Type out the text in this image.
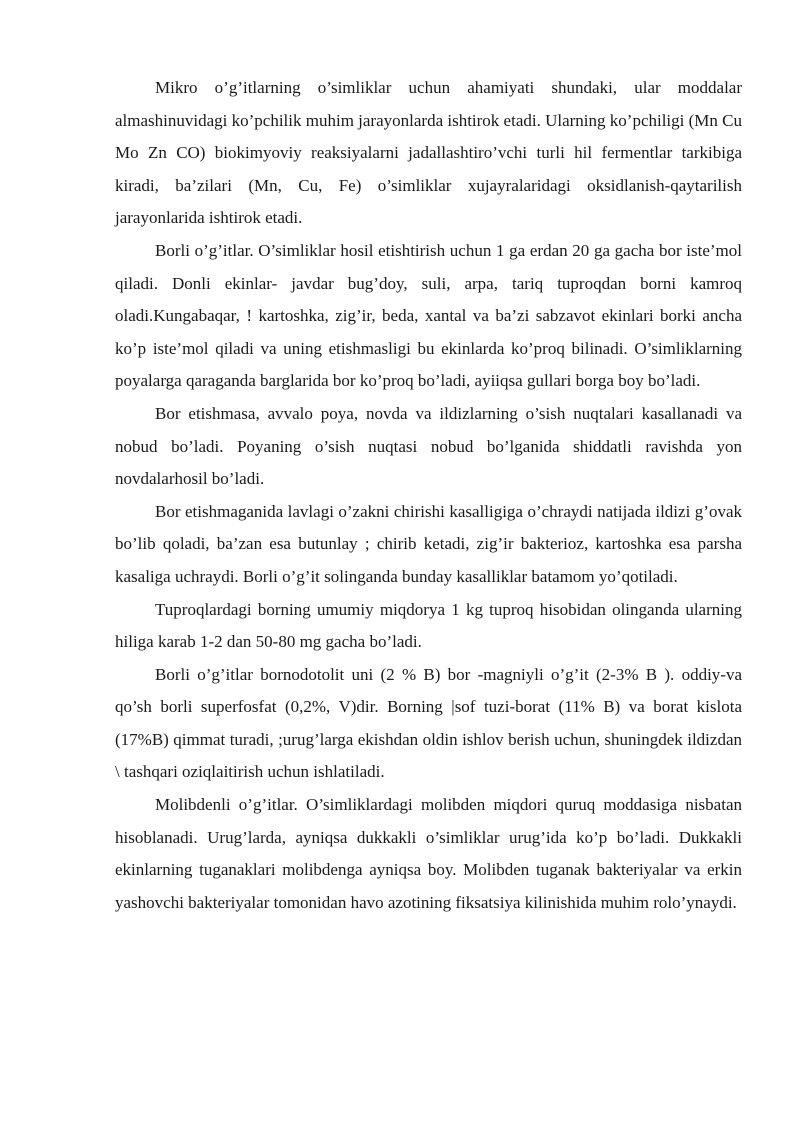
Mikro o’g’itlarning o’simliklar uchun ahamiyati shundaki, ular moddalar almashinuvidagi ko’pchilik muhim jarayonlarda ishtirok etadi. Ularning ko’pchiligi (Mn Cu Mo Zn CO) biokimyoviy reaksiyalarni jadallashtiro’vchi turli hil fermentlar tarkibiga kiradi, ba’zilari (Mn, Cu, Fe) o’simliklar xujayralaridagi oksidlanish-qaytarilish jarayonlarida ishtirok etadi.

Borli o’g’itlar. O’simliklar hosil etishtirish uchun 1 ga erdan 20 ga gacha bor iste’mol qiladi. Donli ekinlar- javdar bug’doy, suli, arpa, tariq tuproqdan borni kamroq oladi.Kungabaqar, ! kartoshka, zig’ir, beda, xantal va ba’zi sabzavot ekinlari borki ancha ko’p iste’mol qiladi va uning etishmasligi bu ekinlarda ko’proq bilinadi. O’simliklarning poyalarga qaraganda barglarida bor ko’proq bo’ladi, ayiiqsa gullari borga boy bo’ladi.

Bor etishmasa, avvalo poya, novda va ildizlarning o’sish nuqtalari kasallanadi va nobud bo’ladi. Poyaning o’sish nuqtasi nobud bo’lganida shiddatli ravishda yon novdalarhosil bo’ladi.

Bor etishmaganida lavlagi o’zakni chirishi kasalligiga o’chraydi natijada ildizi g’ovak bo’lib qoladi, ba’zan esa butunlay ; chirib ketadi, zig’ir bakterioz, kartoshka esa parsha kasaliga uchraydi. Borli o’g’it solinganda bunday kasalliklar batamom yo’qotiladi.

Tuproqlardagi borning umumiy miqdorya 1 kg tuproq hisobidan olinganda ularning hiliga karab 1-2 dan 50-80 mg gacha bo’ladi.

Borli o’g’itlar bornodotolit uni (2 % B) bor -magniyli o’g’it (2-3% B ). oddiy-va qo’sh borli superfosfat (0,2%, V)dir. Borning |sof tuzi-borat (11% B) va borat kislota (17%B) qimmat turadi, ;urug’larga ekishdan oldin ishlov berish uchun, shuningdek ildizdan \ tashqari oziqlaitirish uchun ishlatiladi.

Molibdenli o’g’itlar. O’simliklardagi molibden miqdori quruq moddasiga nisbatan hisoblanadi. Urug’larda, ayniqsa dukkakli o’simliklar urug’ida ko’p bo’ladi. Dukkakli ekinlarning tuganaklari molibdenga ayniqsa boy. Molibden tuganak bakteriyalar va erkin yashovchi bakteriyalar tomonidan havo azotining fiksatsiya kilinishida muhim rolo’ynaydi.
